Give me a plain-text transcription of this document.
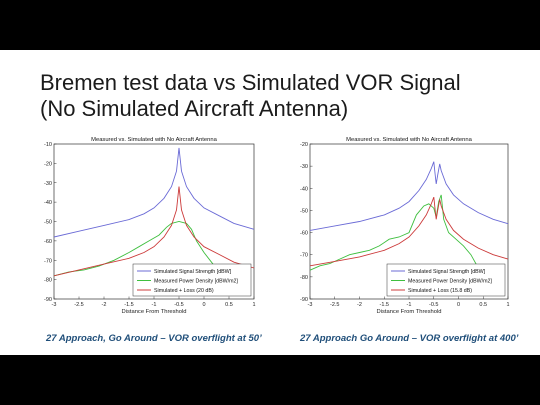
Bremen test data vs Simulated VOR Signal
(No Simulated Aircraft Antenna)
Measured vs. Simulated with No Aircraft Antenna
-10
-20
-30
-40
-50
-60
-70
-80
-90
-3	-2.5	-2	-1.5	-1	-0.5	0	0.5	1
Distance From Threshold
Simulated Signal Strength [dBW]
Measured Power Density [dBW/m2]
Simulated + Loss (20 dB)
Measured vs. Simulated with No Aircraft Antenna
-20
-30
-40
-50
-60
-70
-80
-90
-3	-2.5	-2	-1.5	-1	-0.5	0	0.5	1
Distance From Threshold
Simulated Signal Strength [dBW]
Measured Power Density [dBW/m2]
Simulated + Loss (15.8 dB)
27 Approach, Go Around – VOR overflight at 50’	27 Approach Go Around – VOR overflight at 400’
